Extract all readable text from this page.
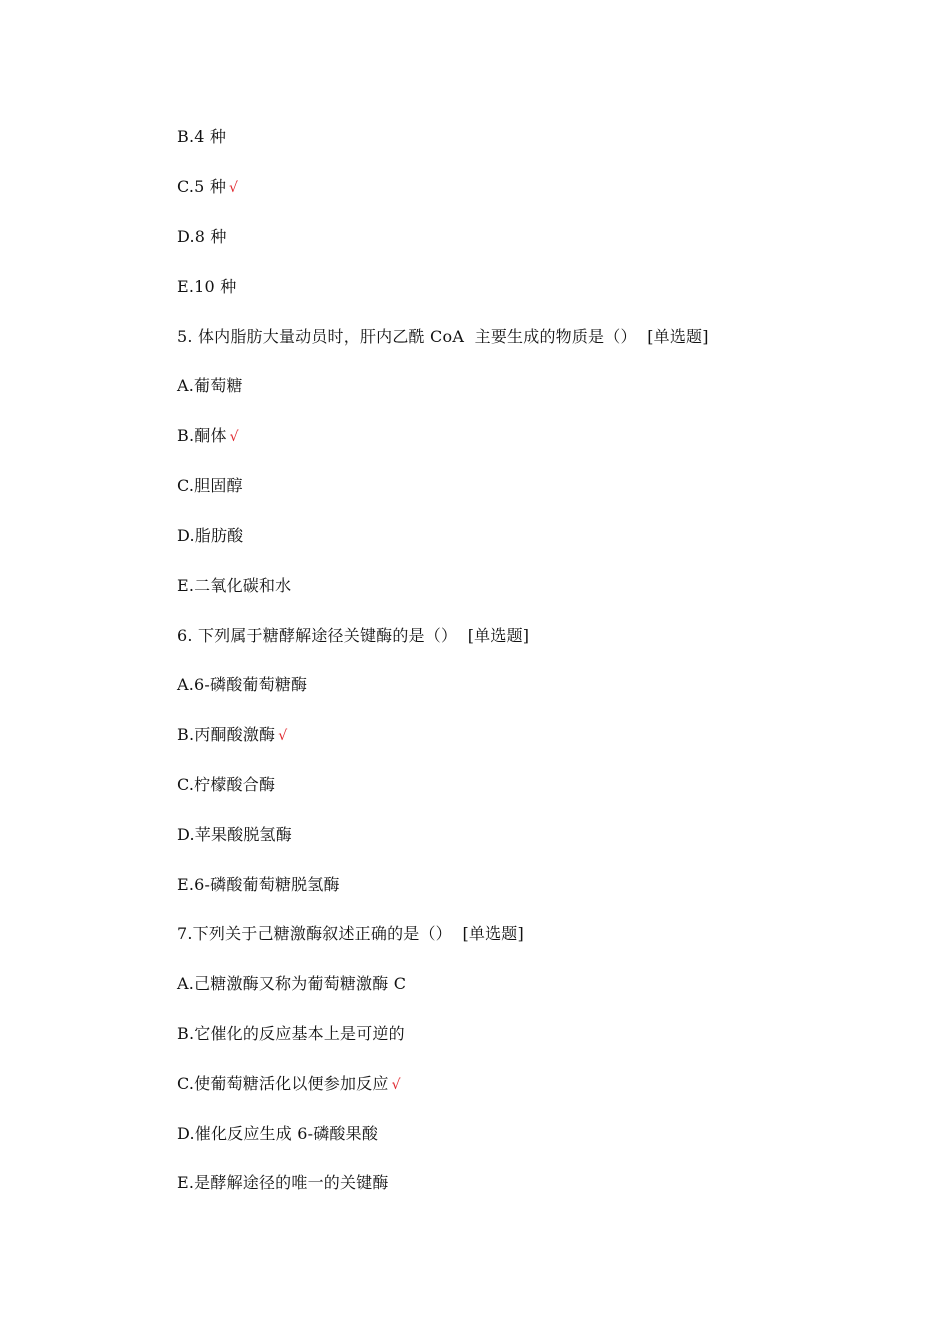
B.4 种
C.5 种 √
D.8 种
E.10 种
5. 体内脂肪大量动员时，肝内乙酰 CoA  主要生成的物质是（）  [单选题]
A.葡萄糖
B.酮体 √
C.胆固醇
D.脂肪酸
E.二氧化碳和水
6. 下列属于糖酵解途径关键酶的是（）  [单选题]
A.6-磷酸葡萄糖酶
B.丙酮酸激酶 √
C.柠檬酸合酶
D.苹果酸脱氢酶
E.6-磷酸葡萄糖脱氢酶
7.下列关于己糖激酶叙述正确的是（）  [单选题]
A.己糖激酶又称为葡萄糖激酶 C
B.它催化的反应基本上是可逆的
C.使葡萄糖活化以便参加反应 √
D.催化反应生成 6-磷酸果酸
E.是酵解途径的唯一的关键酶
